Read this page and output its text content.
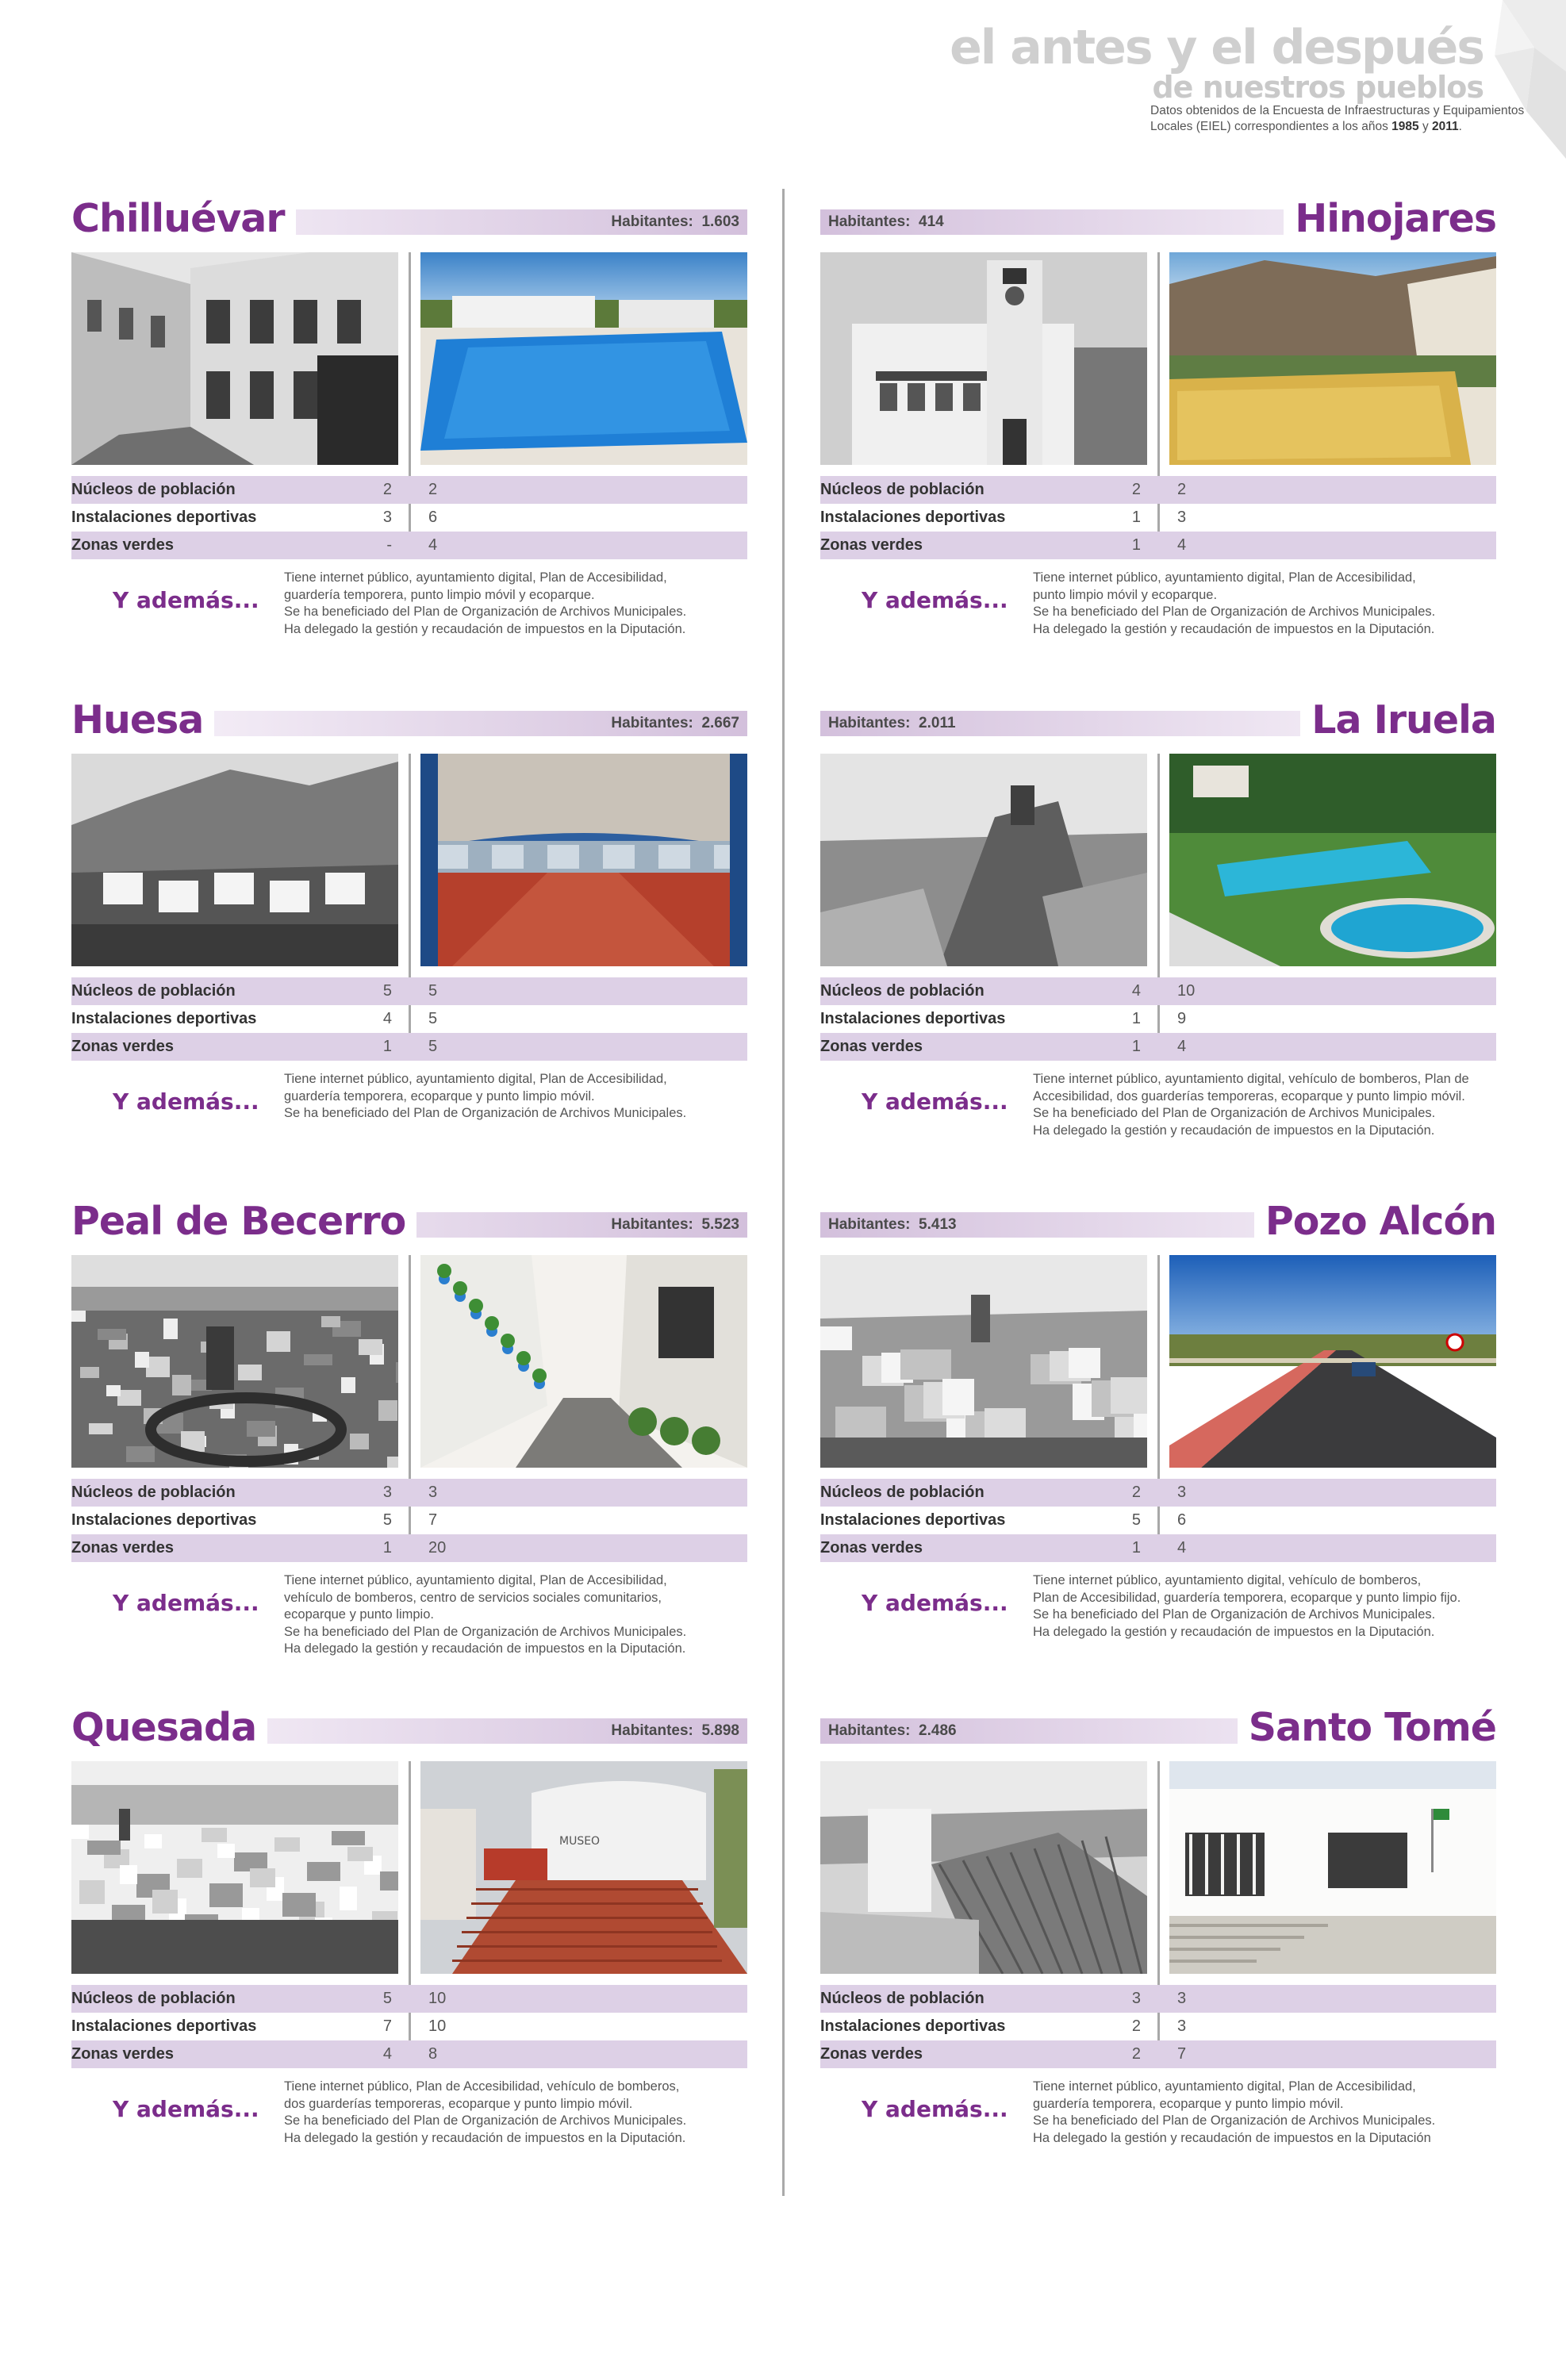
el antes y el después
de nuestros pueblos
Datos obtenidos de la Encuesta de Infraestructuras y Equipamientos
Locales (EIEL) correspondientes a los años 1985 y 2011.
Chilluévar	Habitantes: 1.603
Núcleos de población	2 2
Instalaciones deportivas	3 6
Zonas verdes	- 4
Y además...
Tiene internet público, ayuntamiento digital, Plan de Accesibilidad,
guardería temporera, punto limpio móvil y ecoparque.
Se ha beneficiado del Plan de Organización de Archivos Municipales.
Ha delegado la gestión y recaudación de impuestos en la Diputación.
Hinojares
Habitantes: 414
Núcleos de población	2 2
Instalaciones deportivas	1 3
Zonas verdes	1 4
Y además...
Tiene internet público, ayuntamiento digital, Plan de Accesibilidad,
punto limpio móvil y ecoparque.
Se ha beneficiado del Plan de Organización de Archivos Municipales.
Ha delegado la gestión y recaudación de impuestos en la Diputación.
Huesa	Habitantes: 2.667
Núcleos de población	5 5
Instalaciones deportivas	4 5
Zonas verdes	1 5
Y además...
Tiene internet público, ayuntamiento digital, Plan de Accesibilidad,
guardería temporera, ecoparque y punto limpio móvil.
Se ha beneficiado del Plan de Organización de Archivos Municipales.
La Iruela
Habitantes: 2.011
Núcleos de población	4 10
Instalaciones deportivas	1 9
Zonas verdes	1 4
Y además...
Tiene internet público, ayuntamiento digital, vehículo de bomberos, Plan de
Accesibilidad, dos guarderías temporeras, ecoparque y punto limpio móvil.
Se ha beneficiado del Plan de Organización de Archivos Municipales.
Ha delegado la gestión y recaudación de impuestos en la Diputación.
Peal de Becerro	Habitantes: 5.523
Núcleos de población	3 3
Instalaciones deportivas	5 7
Zonas verdes	1 20
Y además...
Tiene internet público, ayuntamiento digital, Plan de Accesibilidad,
vehículo de bomberos, centro de servicios sociales comunitarios,
ecoparque y punto limpio.
Se ha beneficiado del Plan de Organización de Archivos Municipales.
Ha delegado la gestión y recaudación de impuestos en la Diputación.
Pozo Alcón
Habitantes: 5.413
Núcleos de población	2 3
Instalaciones deportivas	5 6
Zonas verdes	1 4
Y además...
Tiene internet público, ayuntamiento digital, vehículo de bomberos,
Plan de Accesibilidad, guardería temporera, ecoparque y punto limpio fijo.
Se ha beneficiado del Plan de Organización de Archivos Municipales.
Ha delegado la gestión y recaudación de impuestos en la Diputación.
Quesada	Habitantes: 5.898
MUSEO
Núcleos de población	5 10
Instalaciones deportivas	7 10
Zonas verdes	4 8
Y además...
Tiene internet público, Plan de Accesibilidad, vehículo de bomberos,
dos guarderías temporeras, ecoparque y punto limpio móvil.
Se ha beneficiado del Plan de Organización de Archivos Municipales.
Ha delegado la gestión y recaudación de impuestos en la Diputación.
Santo Tomé
Habitantes: 2.486
Núcleos de población	3 3
Instalaciones deportivas	2 3
Zonas verdes	2 7
Y además...
Tiene internet público, ayuntamiento digital, Plan de Accesibilidad,
guardería temporera, ecoparque y punto limpio móvil.
Se ha beneficiado del Plan de Organización de Archivos Municipales.
Ha delegado la gestión y recaudación de impuestos en la Diputación
